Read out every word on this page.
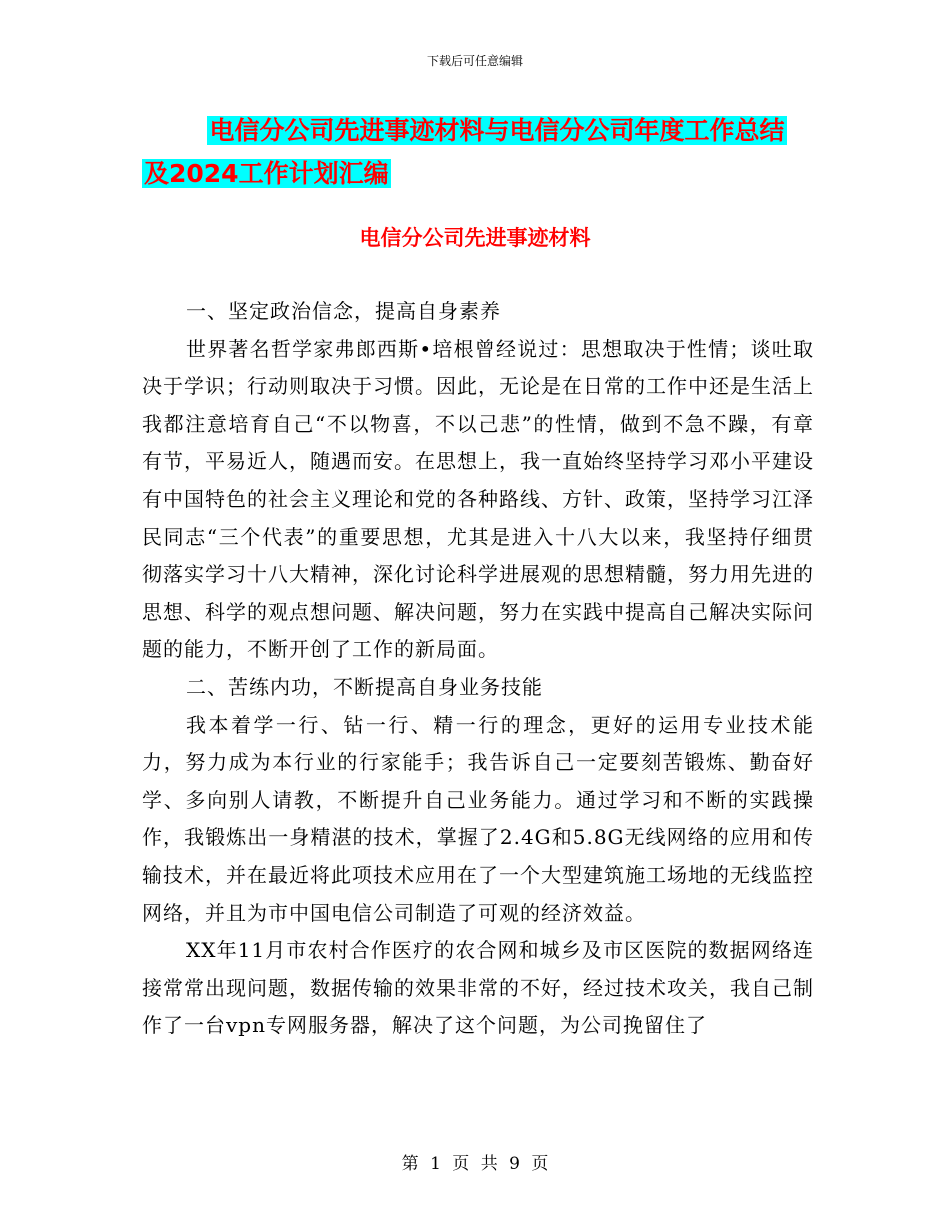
下载后可任意编辑
电信分公司先进事迹材料与电信分公司年度工作总结
及2024工作计划汇编
电信分公司先进事迹材料

一、坚定政治信念，提高自身素养

世界著名哲学家弗郎西斯•培根曾经说过：思想取决于性情；谈吐取决于学识；行动则取决于习惯。因此，无论是在日常的工作中还是生活上我都注意培育自己“不以物喜，不以己悲”的性情，做到不急不躁，有章有节，平易近人，随遇而安。在思想上，我一直始终坚持学习邓小平建设有中国特色的社会主义理论和党的各种路线、方针、政策，坚持学习江泽民同志“三个代表”的重要思想，尤其是进入十八大以来，我坚持仔细贯彻落实学习十八大精神，深化讨论科学进展观的思想精髓，努力用先进的思想、科学的观点想问题、解决问题，努力在实践中提高自己解决实际问题的能力，不断开创了工作的新局面。

二、苦练内功，不断提高自身业务技能

我本着学一行、钻一行、精一行的理念，更好的运用专业技术能力，努力成为本行业的行家能手；我告诉自己一定要刻苦锻炼、勤奋好学、多向别人请教，不断提升自己业务能力。通过学习和不断的实践操作，我锻炼出一身精湛的技术，掌握了2.4G和5.8G无线网络的应用和传输技术，并在最近将此项技术应用在了一个大型建筑施工场地的无线监控网络，并且为市中国电信公司制造了可观的经济效益。

XX年11月市农村合作医疗的农合网和城乡及市区医院的数据网络连接常常出现问题，数据传输的效果非常的不好，经过技术攻关，我自己制作了一台vpn专网服务器，解决了这个问题，为公司挽留住了

第 1 页 共 9 页
